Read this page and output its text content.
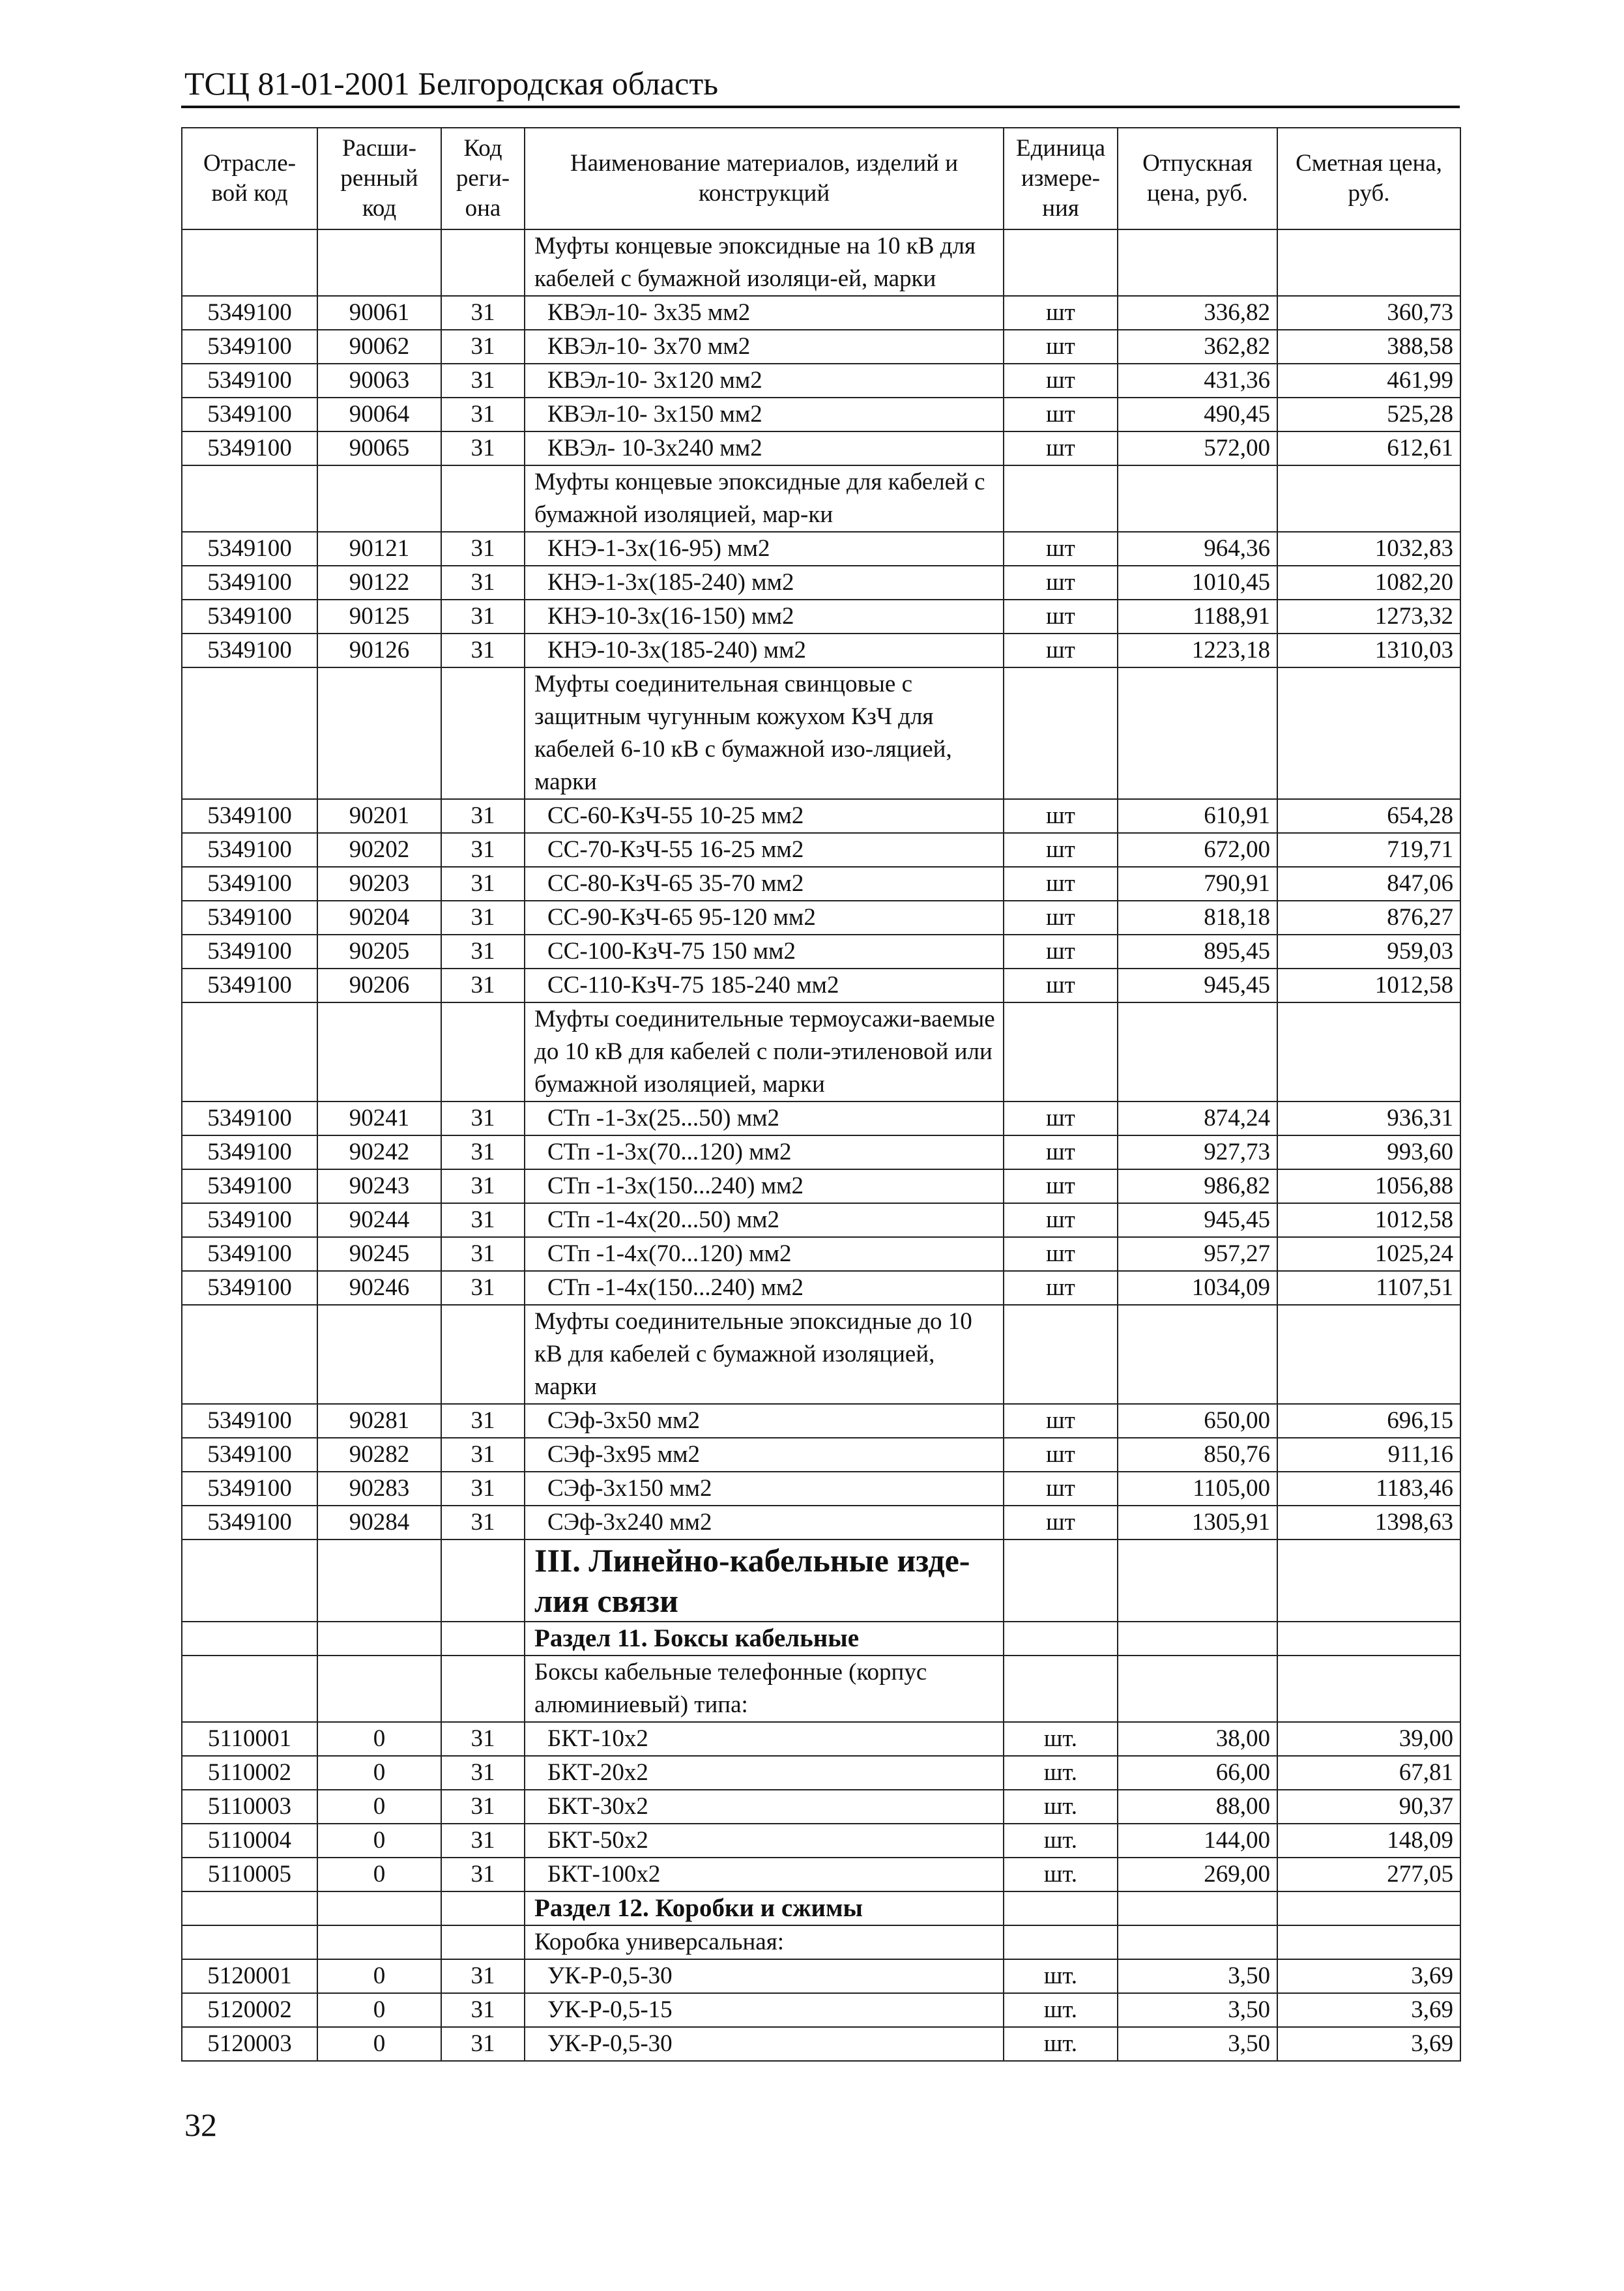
ТСЦ 81-01-2001 Белгородская область
Отрасле-вой код	Расши-ренный код	Код реги-она	Наименование материалов, изделий и конструкций	Единица измере-ния	Отпускная цена, руб.	Сметная цена, руб.
			Муфты концевые эпоксидные на 10 кВ для кабелей с бумажной изоляци-ей, марки			
5349100	90061	31	КВЭл-10- 3х35 мм2	шт	336,82	360,73
5349100	90062	31	КВЭл-10- 3х70 мм2	шт	362,82	388,58
5349100	90063	31	КВЭл-10- 3х120 мм2	шт	431,36	461,99
5349100	90064	31	КВЭл-10- 3х150 мм2	шт	490,45	525,28
5349100	90065	31	КВЭл- 10-3х240 мм2	шт	572,00	612,61
			Муфты концевые эпоксидные для кабелей с бумажной изоляцией, мар-ки			
5349100	90121	31	КНЭ-1-3х(16-95) мм2	шт	964,36	1032,83
5349100	90122	31	КНЭ-1-3х(185-240) мм2	шт	1010,45	1082,20
5349100	90125	31	КНЭ-10-3х(16-150) мм2	шт	1188,91	1273,32
5349100	90126	31	КНЭ-10-3х(185-240) мм2	шт	1223,18	1310,03
			Муфты соединительная свинцовые с защитным чугунным кожухом КзЧ для кабелей 6-10 кВ с бумажной изо-ляцией, марки			
5349100	90201	31	СС-60-КзЧ-55 10-25 мм2	шт	610,91	654,28
5349100	90202	31	СС-70-КзЧ-55 16-25 мм2	шт	672,00	719,71
5349100	90203	31	СС-80-КзЧ-65 35-70 мм2	шт	790,91	847,06
5349100	90204	31	СС-90-КзЧ-65 95-120 мм2	шт	818,18	876,27
5349100	90205	31	СС-100-КзЧ-75 150 мм2	шт	895,45	959,03
5349100	90206	31	СС-110-КзЧ-75 185-240 мм2	шт	945,45	1012,58
			Муфты соединительные термоусажи-ваемые до 10 кВ для кабелей с поли-этиленовой или бумажной изоляцией, марки			
5349100	90241	31	СТп -1-3х(25...50) мм2	шт	874,24	936,31
5349100	90242	31	СТп -1-3х(70...120) мм2	шт	927,73	993,60
5349100	90243	31	СТп -1-3х(150...240) мм2	шт	986,82	1056,88
5349100	90244	31	СТп -1-4х(20...50) мм2	шт	945,45	1012,58
5349100	90245	31	СТп -1-4х(70...120) мм2	шт	957,27	1025,24
5349100	90246	31	СТп -1-4х(150...240) мм2	шт	1034,09	1107,51
			Муфты соединительные эпоксидные до 10 кВ для кабелей с бумажной изоляцией, марки			
5349100	90281	31	СЭф-3х50 мм2	шт	650,00	696,15
5349100	90282	31	СЭф-3х95 мм2	шт	850,76	911,16
5349100	90283	31	СЭф-3х150 мм2	шт	1105,00	1183,46
5349100	90284	31	СЭф-3х240 мм2	шт	1305,91	1398,63
			III. Линейно-кабельные изде-лия связи			
			Раздел 11. Боксы кабельные			
			Боксы кабельные телефонные (корпус алюминиевый) типа:			
5110001	0	31	БКТ-10х2	шт.	38,00	39,00
5110002	0	31	БКТ-20х2	шт.	66,00	67,81
5110003	0	31	БКТ-30х2	шт.	88,00	90,37
5110004	0	31	БКТ-50х2	шт.	144,00	148,09
5110005	0	31	БКТ-100х2	шт.	269,00	277,05
			Раздел 12. Коробки и сжимы			
			Коробка универсальная:			
5120001	0	31	УК-Р-0,5-30	шт.	3,50	3,69
5120002	0	31	УК-Р-0,5-15	шт.	3,50	3,69
5120003	0	31	УК-Р-0,5-30	шт.	3,50	3,69
32
